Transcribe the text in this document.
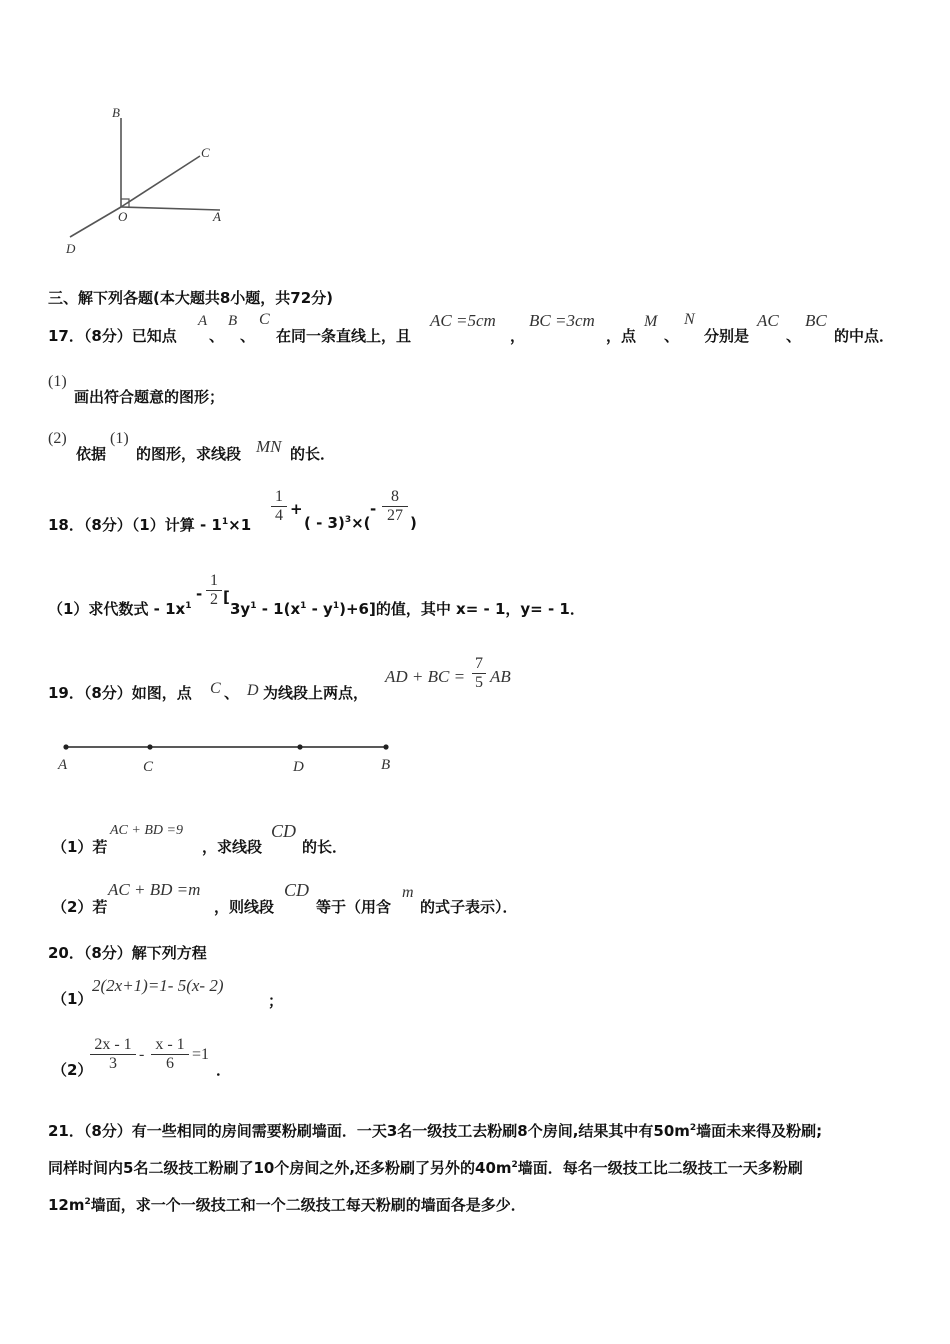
B
C
O	A
D
三、解下列各题(本大题共8小题，共72分)
17．（8分）已知点
A
、
B
、
C
在同一条直线上，且
AC =5cm
，
BC =3cm
，点
M
、
N
分别是
AC
、
BC
的中点．
(1)
画出符合题意的图形；
(2)
依据
(1)
的图形，求线段 MN 的长．
18．（8分）（1）计算 - $1^1\times 1$
1
4 +
( - 3)$^3$×(
-
8
27 )
（1）求代数式 - $1x^1$
-
1
2 [
$3y^1 - 1(x^1 - y^1)+6$]的值，其中 x= - 1，y= - 1．
19．（8分）如图，点 C 、 D 为线段上两点，
AD + BC =
7
5 AB
A	C	D	B
（1）若
AC + BD =9
，求线段
CD
的长．
（2）若
AC + BD =m
，则线段
CD
等于（用含
m
的式子表示）．
20．（8分）解下列方程
（1）
2(2x+1)=1- 5(x- 2)
；
（2）
2x - 1
3
-
x - 1
6
=1
．
21．（8分）有一些相同的房间需要粉刷墙面．一天3名一级技工去粉刷8个房间,结果其中有$50m^2$墙面未来得及粉刷;
同样时间内5名二级技工粉刷了10个房间之外,还多粉刷了另外的$40m^2$墙面．每名一级技工比二级技工一天多粉刷
$12m^2$墙面，求一个一级技工和一个二级技工每天粉刷的墙面各是多少．
